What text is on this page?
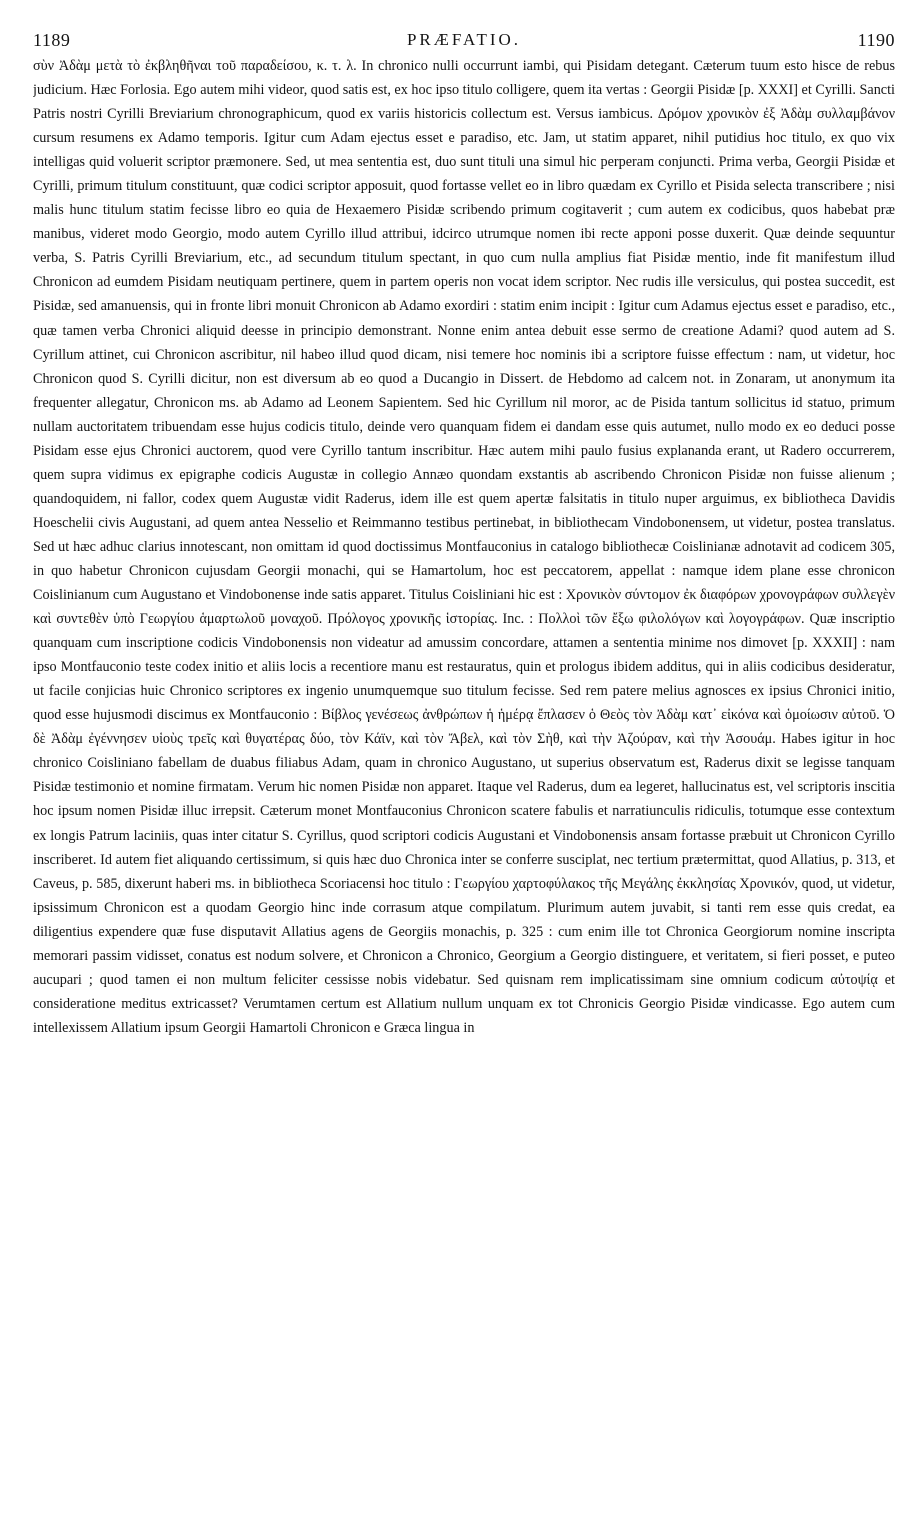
1189	PRÆFATIO.	1190
σὺν Ἀδὰμ μετὰ τὸ ἐκβληθῆναι τοῦ παραδείσου, κ. τ. λ. In chronico nulli occurrunt iambi, qui Pisidam detegant. Cæterum tuum esto hisce de rebus judicium. Hæc Forlosia. Ego autem mihi videor, quod satis est, ex hoc ipso titulo colligere, quem ita vertas : Georgii Pisidæ [p. XXXI] et Cyrilli. Sancti Patris nostri Cyrilli Breviarium chronographicum, quod ex variis historicis collectum est. Versus iambicus. Δρόμον χρονικὸν ἐξ Ἀδὰμ συλλαμβάνον cursum resumens ex Adamo temporis. Igitur cum Adam ejectus esset e paradiso, etc. Jam, ut statim apparet, nihil putidius hoc titulo, ex quo vix intelligas quid voluerit scriptor præmonere. Sed, ut mea sententia est, duo sunt tituli una simul hic perperam conjuncti. Prima verba, Georgii Pisidæ et Cyrilli, primum titulum constituunt, quæ codici scriptor apposuit, quod fortasse vellet eo in libro quædam ex Cyrillo et Pisida selecta transcribere ; nisi malis hunc titulum statim fecisse libro eo quia de Hexaemero Pisidæ scribendo primum cogitaverit ; cum autem ex codicibus, quos habebat præ manibus, videret modo Georgio, modo autem Cyrillo illud attribui, idcirco utrumque nomen ibi recte apponi posse duxerit. Quæ deinde sequuntur verba, S. Patris Cyrilli Breviarium, etc., ad secundum titulum spectant, in quo cum nulla amplius fiat Pisidæ mentio, inde fit manifestum illud Chronicon ad eumdem Pisidam neutiquam pertinere, quem in partem operis non vocat idem scriptor. Nec rudis ille versiculus, qui postea succedit, est Pisidæ, sed amanuensis, qui in fronte libri monuit Chronicon ab Adamo exordiri : statim enim incipit : Igitur cum Adamus ejectus esset e paradiso, etc., quæ tamen verba Chronici aliquid deesse in principio demonstrant. Nonne enim antea debuit esse sermo de creatione Adami? quod autem ad S. Cyrillum attinet, cui Chronicon ascribitur, nil habeo illud quod dicam, nisi temere hoc nominis ibi a scriptore fuisse effectum : nam, ut videtur, hoc Chronicon quod S. Cyrilli dicitur, non est diversum ab eo quod a Ducangio in Dissert. de Hebdomo ad calcem not. in Zonaram, ut anonymum ita frequenter allegatur, Chronicon ms. ab Adamo ad Leonem Sapientem. Sed hic Cyrillum nil moror, ac de Pisida tantum sollicitus id statuo, primum nullam auctoritatem tribuendam esse hujus codicis titulo, deinde vero quanquam fidem ei dandam esse quis autumet, nullo modo ex eo deduci posse Pisidam esse ejus Chronici auctorem, quod vere Cyrillo tantum inscribitur. Hæc autem mihi paulo fusius explananda erant, ut Radero occurrerem, quem supra vidimus ex epigraphe codicis Augustæ in collegio Annæo quondam exstantis ab ascribendo Chronicon Pisidæ non fuisse alienum ; quandoquidem, ni fallor, codex quem Augustæ vidit Raderus, idem ille est quem apertæ falsitatis in titulo nuper arguimus, ex bibliotheca Davidis Hoeschelii civis Augustani, ad quem antea Nesselio et Reimmanno testibus pertinebat, in bibliothecam Vindobonensem, ut videtur, postea translatus. Sed ut hæc adhuc clarius innotescant, non omittam id quod doctissimus Montfauconius in catalogo bibliothecæ Coislinianæ adnotavit ad codicem 305, in quo habetur Chronicon cujusdam Georgii monachi, qui se Hamartolum, hoc est peccatorem, appellat : namque idem plane esse chronicon Coislinianum cum Augustano et Vindobonense inde satis apparet. Titulus Coisliniani hic est : Χρονικὸν σύντομον ἐκ διαφόρων χρονογράφων συλλεγὲν καὶ συντεθὲν ὑπὸ Γεωργίου ἁμαρτωλοῦ μοναχοῦ. Πρόλογος χρονικῆς ἱστορίας. Inc. : Πολλοὶ τῶν ἔξω φιλολόγων καὶ λογογράφων. Quæ inscriptio quanquam cum inscriptione codicis Vindobonensis non videatur ad amussim concordare, attamen a sententia minime nos dimovet [p. XXXII] : nam ipso Montfauconio teste codex initio et aliis locis a recentiore manu est restauratus, quin et prologus ibidem additus, qui in aliis codicibus desideratur, ut facile conjicias huic Chronico scriptores ex ingenio unumquemque suo titulum fecisse. Sed rem patere melius agnosces ex ipsius Chronici initio, quod esse hujusmodi discimus ex Montfauconio : Βίβλος γενέσεως ἀνθρώπων ἡ ἡμέρᾳ ἔπλασεν ὁ Θεὸς τὸν Ἀδὰμ κατ᾽ εἰκόνα καὶ ὁμοίωσιν αὐτοῦ. Ὁ δὲ Ἀδὰμ ἐγέννησεν υἱοὺς τρεῖς καὶ θυγατέρας δύο, τὸν Κάϊν, καὶ τὸν Ἄβελ, καὶ τὸν Σὴθ, καὶ τὴν Ἀζούραν, καὶ τὴν Ἀσουάμ. Habes igitur in hoc chronico Coisliniano fabellam de duabus filiabus Adam, quam in chronico Augustano, ut superius observatum est, Raderus dixit se legisse tanquam Pisidæ testimonio et nomine firmatam. Verum hic nomen Pisidæ non apparet. Itaque vel Raderus, dum ea legeret, hallucinatus est, vel scriptoris inscitia hoc ipsum nomen Pisidæ illuc irrepsit. Cæterum monet Montfauconius Chronicon scatere fabulis et narratiunculis ridiculis, totumque esse contextum ex longis Patrum laciniis, quas inter citatur S. Cyrillus, quod scriptori codicis Augustani et Vindobonensis ansam fortasse præbuit ut Chronicon Cyrillo inscriberet. Id autem fiet aliquando certissimum, si quis hæc duo Chronica inter se conferre susciplat, nec tertium prætermittat, quod Allatius, p. 313, et Caveus, p. 585, dixerunt haberi ms. in bibliotheca Scoriacensi hoc titulo : Γεωργίου χαρτοφύλακος τῆς Μεγάλης ἐκκλησίας Χρονικόν, quod, ut videtur, ipsissimum Chronicon est a quodam Georgio hinc inde corrasum atque compilatum. Plurimum autem juvabit, si tanti rem esse quis credat, ea diligentius expendere quæ fuse disputavit Allatius agens de Georgiis monachis, p. 325 : cum enim ille tot Chronica Georgiorum nomine inscripta memorari passim vidisset, conatus est nodum solvere, et Chronicon a Chronico, Georgium a Georgio distinguere, et veritatem, si fieri posset, e puteo aucupari ; quod tamen ei non multum feliciter cessisse nobis videbatur. Sed quisnam rem implicatissimam sine omnium codicum αὐτοψίᾳ et consideratione meditus extricasset? Verumtamen certum est Allatium nullum unquam ex tot Chronicis Georgio Pisidæ vindicasse. Ego autem cum intellexissem Allatium ipsum Georgii Hamartoli Chronicon e Græca lingua in
